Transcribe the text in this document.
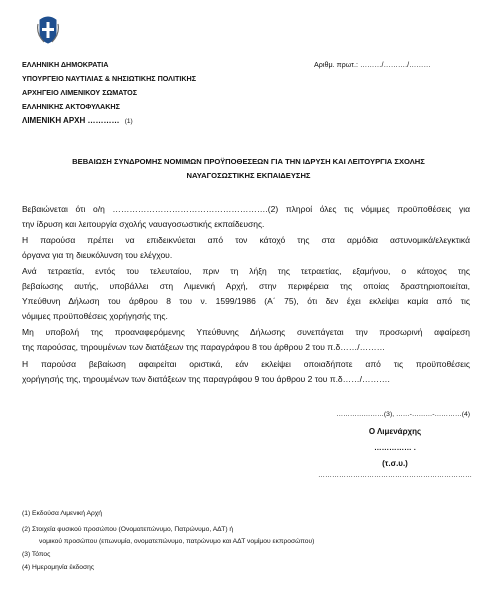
ΕΛΛΗΝΙΚΗ ΔΗΜΟΚΡΑΤΙΑ
ΥΠΟΥΡΓΕΙΟ ΝΑΥΤΙΛΙΑΣ & ΝΗΣΙΩΤΙΚΗΣ ΠΟΛΙΤΙΚΗΣ
ΑΡΧΗΓΕΙΟ ΛΙΜΕΝΙΚΟΥ ΣΩΜΑΤΟΣ
ΕΛΛΗΝΙΚΗΣ ΑΚΤΟΦΥΛΑΚΗΣ
ΛΙΜΕΝΙΚΗ ΑΡΧΗ ………… (1)
Αριθμ. πρωτ.: ………/………./………
ΒΕΒΑΙΩΣΗ ΣΥΝΔΡΟΜΗΣ ΝΟΜΙΜΩΝ ΠΡΟΫΠΟΘΕΣΕΩΝ ΓΙΑ ΤΗΝ ΙΔΡΥΣΗ ΚΑΙ ΛΕΙΤΟΥΡΓΙΑ ΣΧΟΛΗΣ
ΝΑΥΑΓΟΣΩΣΤΙΚΗΣ ΕΚΠΑΙΔΕΥΣΗΣ
Βεβαιώνεται ότι ο/η ……………………………………………….(2) πληροί όλες τις νόμιμες προϋποθέσεις για
την ίδρυση και λειτουργία σχολής ναυαγοσωστικής εκπαίδευσης.
Η παρούσα πρέπει να επιδεικνύεται από τον κάτοχό της στα αρμόδια αστυνομικά/ελεγκτικά
όργανα για τη διευκόλυνση του ελέγχου.
Ανά τετραετία, εντός του τελευταίου, πριν τη λήξη της τετραετίας, εξαμήνου, ο κάτοχος της
βεβαίωσης αυτής, υποβάλλει στη Λιμενική Αρχή, στην περιφέρεια της οποίας δραστηριοποιείται,
Υπεύθυνη Δήλωση του άρθρου 8 του ν. 1599/1986 (Α΄ 75), ότι δεν έχει εκλείψει καμία από τις
νόμιμες προϋποθέσεις χορήγησής της.
Μη υποβολή της προαναφερόμενης Υπεύθυνης Δήλωσης συνεπάγεται την προσωρινή αφαίρεση
της παρούσας, τηρουμένων των διατάξεων της παραγράφου 8 του άρθρου 2 του π.δ……/………
Η παρούσα βεβαίωση αφαιρείται οριστικά, εάν εκλείψει οποιαδήποτε από τις προϋποθέσεις
χορήγησής της, τηρουμένων των διατάξεων της παραγράφου 9 του άρθρου 2 του π.δ……/……….
…………………(3), ……-………-…………(4)
Ο Λιμενάρχης
…………… .
(τ.σ.υ.)
…………………………………………………………
(1) Εκδούσα Λιμενική Αρχή
(2) Στοιχεία φυσικού προσώπου (Ονοματεπώνυμο, Πατρώνυμο, ΑΔΤ) ή
νομικού προσώπου (επωνυμία, ονοματεπώνυμο, πατρώνυμο και ΑΔΤ νομίμου εκπροσώπου)
(3) Τόπος
(4) Ημερομηνία έκδοσης
